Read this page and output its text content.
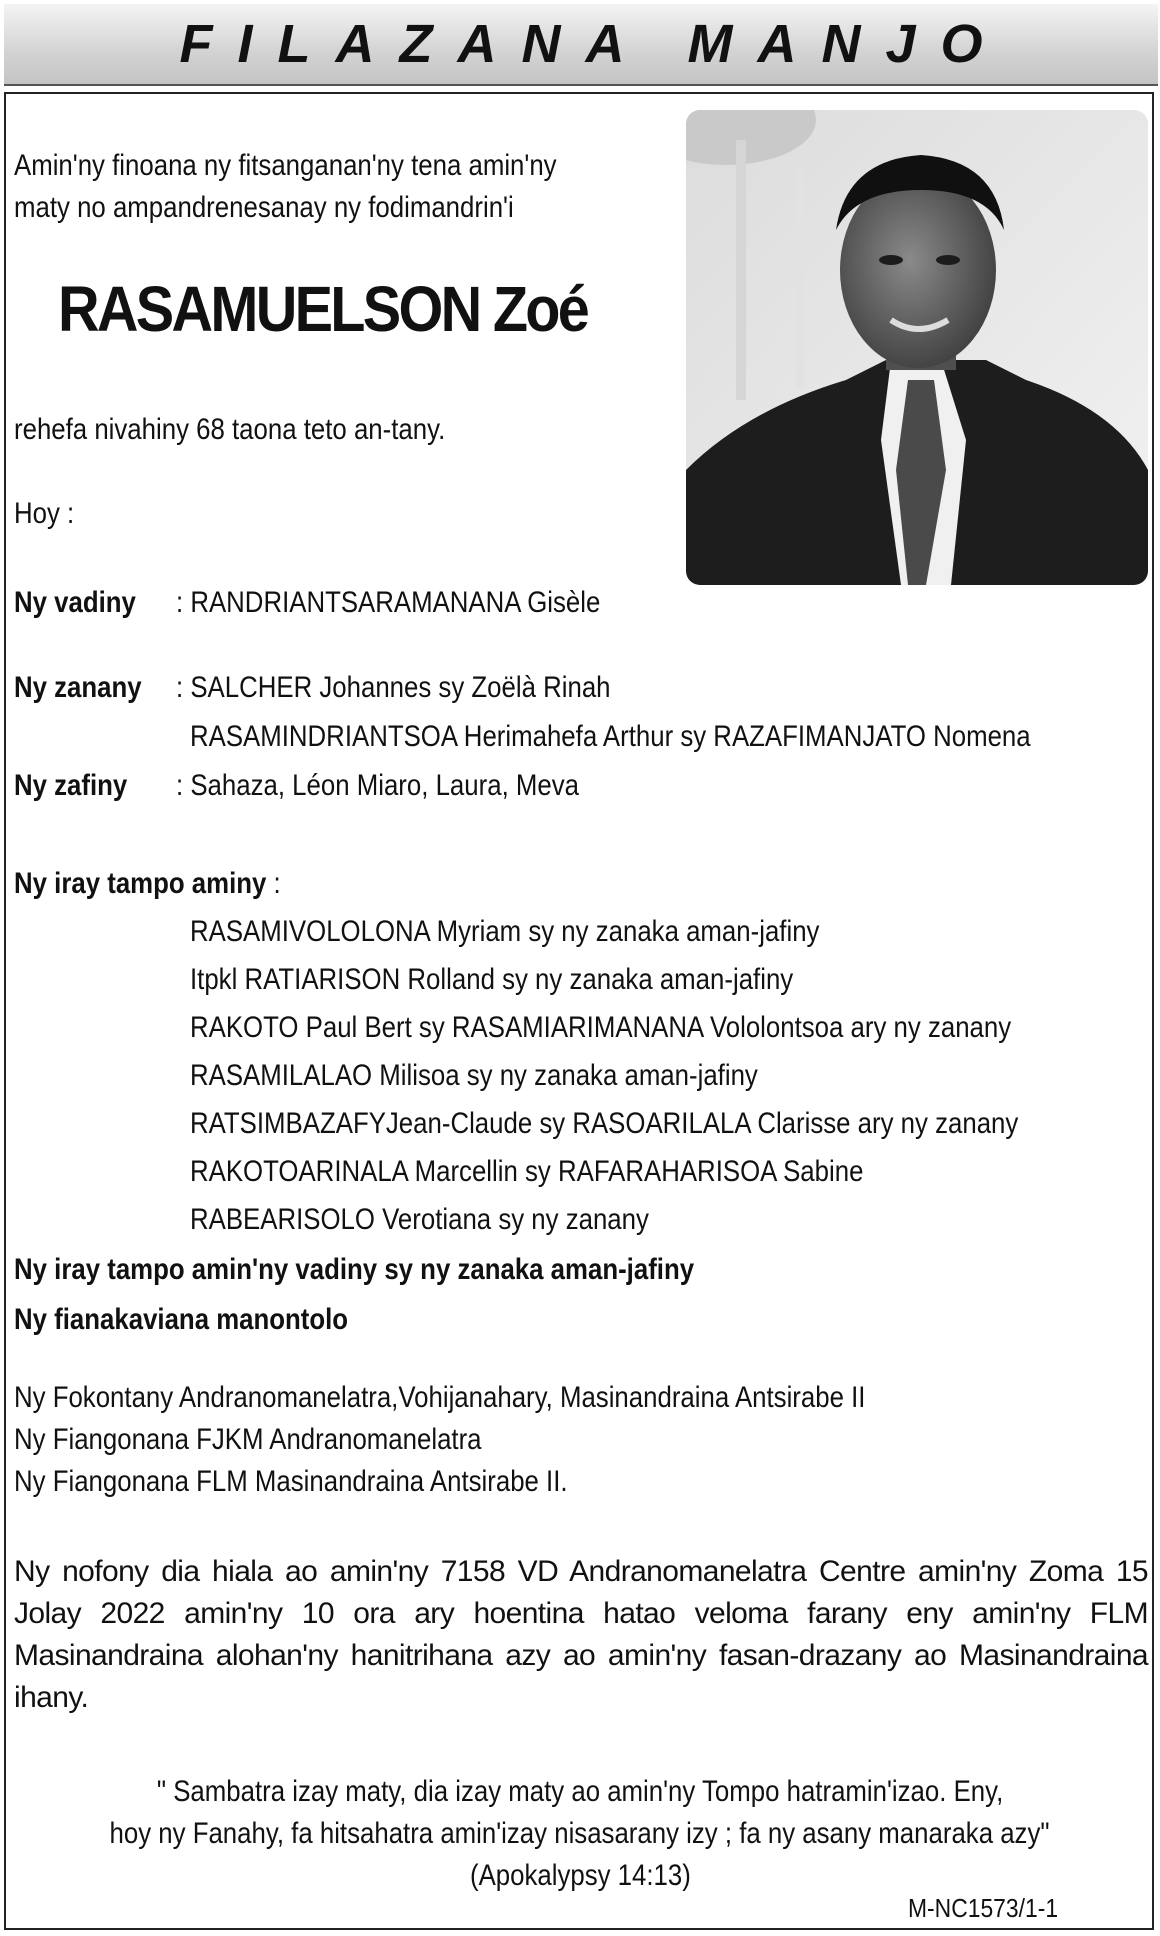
FILAZANA MANJO
Amin'ny finoana ny fitsanganan'ny tena amin'ny
maty no ampandrenesanay ny fodimandrin'i
RASAMUELSON Zoé
rehefa nivahiny 68 taona teto an-tany.
Hoy :
Ny vadiny : RANDRIANTSARAMANANA Gisèle
Ny zanany : SALCHER Johannes sy Zoëlà Rinah
RASAMINDRIANTSOA Herimahefa Arthur sy RAZAFIMANJATO Nomena
Ny zafiny : Sahaza, Léon Miaro, Laura, Meva
Ny iray tampo aminy :
RASAMIVOLOLONA Myriam sy ny zanaka aman-jafiny
Itpkl RATIARISON Rolland sy ny zanaka aman-jafiny
RAKOTO Paul Bert sy RASAMIARIMANANA Vololontsoa ary ny zanany
RASAMILALAO Milisoa sy ny zanaka aman-jafiny
RATSIMBAZAFYJean-Claude sy RASOARILALA Clarisse ary ny zanany
RAKOTOARINALA Marcellin sy RAFARAHARISOA Sabine
RABEARISOLO Verotiana sy ny zanany
Ny iray tampo amin'ny vadiny sy ny zanaka aman-jafiny
Ny fianakaviana manontolo
Ny Fokontany Andranomanelatra,Vohijanahary, Masinandraina Antsirabe II
Ny Fiangonana FJKM Andranomanelatra
Ny Fiangonana FLM Masinandraina Antsirabe II.
Ny nofony dia hiala ao amin'ny 7158 VD Andranomanelatra Centre amin'ny Zoma 15
Jolay 2022 amin'ny 10 ora ary hoentina hatao veloma farany eny amin'ny FLM
Masinandraina alohan'ny hanitrihana azy ao amin'ny fasan-drazany ao Masinandraina
ihany.
" Sambatra izay maty, dia izay maty ao amin'ny Tompo hatramin'izao. Eny,
hoy ny Fanahy, fa hitsahatra amin'izay nisasarany izy ; fa ny asany manaraka azy"
(Apokalypsy 14:13)
M-NC1573/1-1
